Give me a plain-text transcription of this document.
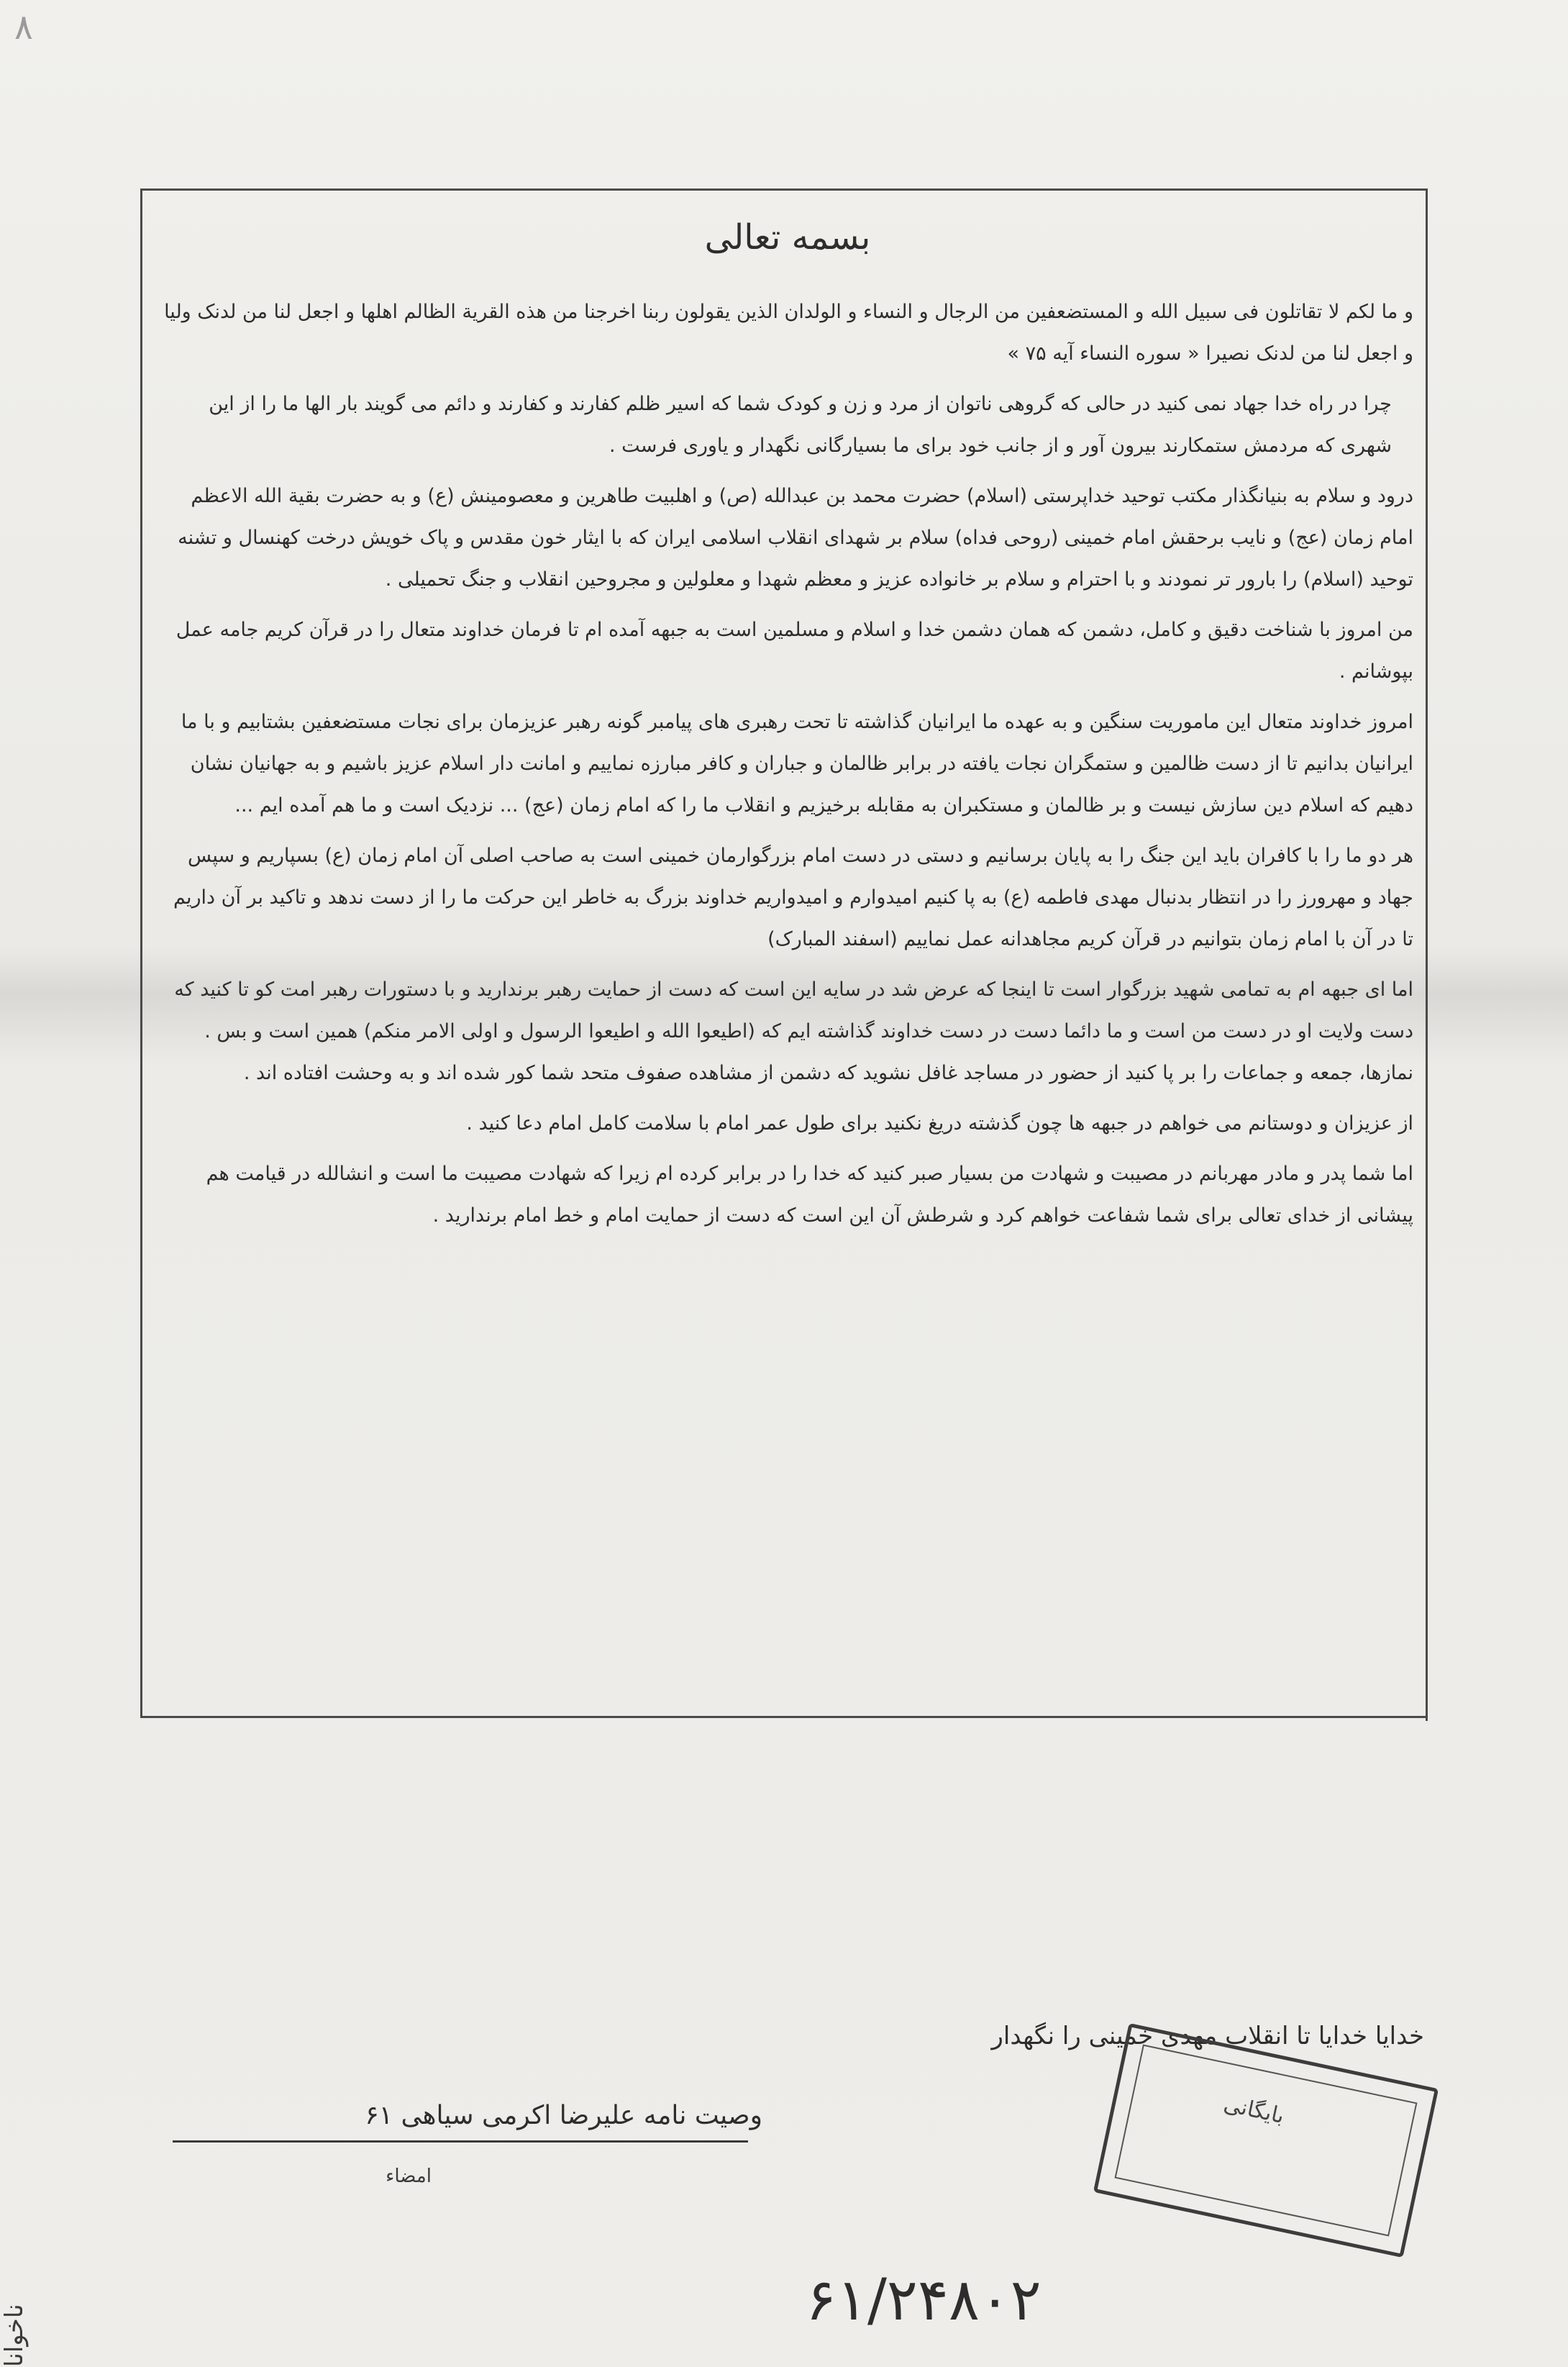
۸
بسمه تعالی

و ما لکم لا تقاتلون فی سبیل الله و المستضعفین من الرجال و النساء و الولدان الذین یقولون ربنا اخرجنا من هذه القریة الظالم اهلها و اجعل لنا من لدنک ولیا و اجعل لنا من لدنک نصیرا « سوره النساء آیه ۷۵ »

چرا در راه خدا جهاد نمی کنید در حالی که گروهی ناتوان از مرد و زن و کودک شما که اسیر ظلم کفارند و کفارند و دائم می گویند بار الها ما را از این شهری که مردمش ستمکارند بیرون آور و از جانب خود برای ما بسیارگانی نگهدار و یاوری فرست .

درود و سلام به بنیانگذار مکتب توحید خداپرستی (اسلام) حضرت محمد بن عبدالله (ص) و اهلبیت طاهرین و معصومینش (ع) و به حضرت بقیة الله الاعظم امام زمان (عج) و نایب برحقش امام خمینی (روحی فداه) سلام بر شهدای انقلاب اسلامی ایران که با ایثار خون مقدس و پاک خویش درخت کهنسال و تشنه توحید (اسلام) را بارور تر نمودند و با احترام و سلام بر خانواده عزیز و معظم شهدا و معلولین و مجروحین انقلاب و جنگ تحمیلی .

من امروز با شناخت دقیق و کامل، دشمن که همان دشمن خدا و اسلام و مسلمین است به جبهه آمده ام تا فرمان خداوند متعال را در قرآن کریم جامه عمل بپوشانم .

امروز خداوند متعال این ماموریت سنگین و به عهده ما ایرانیان گذاشته تا تحت رهبری های پیامبر گونه رهبر عزیزمان برای نجات مستضعفین بشتابیم و با ما ایرانیان بدانیم تا از دست ظالمین و ستمگران نجات یافته در برابر ظالمان و جباران و کافر مبارزه نماییم و امانت دار اسلام عزیز باشیم و به جهانیان نشان دهیم که اسلام دین سازش نیست و بر ظالمان و مستکبران به مقابله برخیزیم و انقلاب ما را که امام زمان (عج) ... نزدیک است و ما هم آمده ایم ...

هر دو ما را با کافران باید این جنگ را به پایان برسانیم و دستی در دست امام بزرگوارمان خمینی است به صاحب اصلی آن امام زمان (ع) بسپاریم و سپس جهاد و مهرورز را در انتظار بدنبال مهدی فاطمه (ع) به پا کنیم امیدوارم و امیدواریم خداوند بزرگ به خاطر این حرکت ما را از دست ندهد و تاکید بر آن داریم تا در آن با امام زمان بتوانیم در قرآن کریم مجاهدانه عمل نماییم (اسفند المبارک)

اما ای جبهه ام به تمامی شهید بزرگوار است تا اینجا که عرض شد در سایه این است که دست از حمایت رهبر برندارید و با دستورات رهبر امت کو تا کنید که دست ولایت او در دست من است و ما دائما دست در دست خداوند گذاشته ایم که (اطیعوا الله و اطیعوا الرسول و اولی الامر منکم) همین است و بس . نمازها، جمعه و جماعات را بر پا کنید از حضور در مساجد غافل نشوید که دشمن از مشاهده صفوف متحد شما کور شده اند و به وحشت افتاده اند .

از عزیزان و دوستانم می خواهم در جبهه ها چون گذشته دریغ نکنید برای طول عمر امام با سلامت کامل امام دعا کنید .

اما شما پدر و مادر مهربانم در مصیبت و شهادت من بسیار صبر کنید که خدا را در برابر کرده ام زیرا که شهادت مصیبت ما است و انشالله در قیامت هم پیشانی از خدای تعالی برای شما شفاعت خواهم کرد و شرطش آن این است که دست از حمایت امام و خط امام برندارید .

خدایا خدایا تا انقلاب مهدی خمینی را نگهدار
وصیت نامه علیرضا اکرمی سیاهی ۶۱
امضاء
بایگانی
۶۱/۲۴۸۰۲
ناخوانا
